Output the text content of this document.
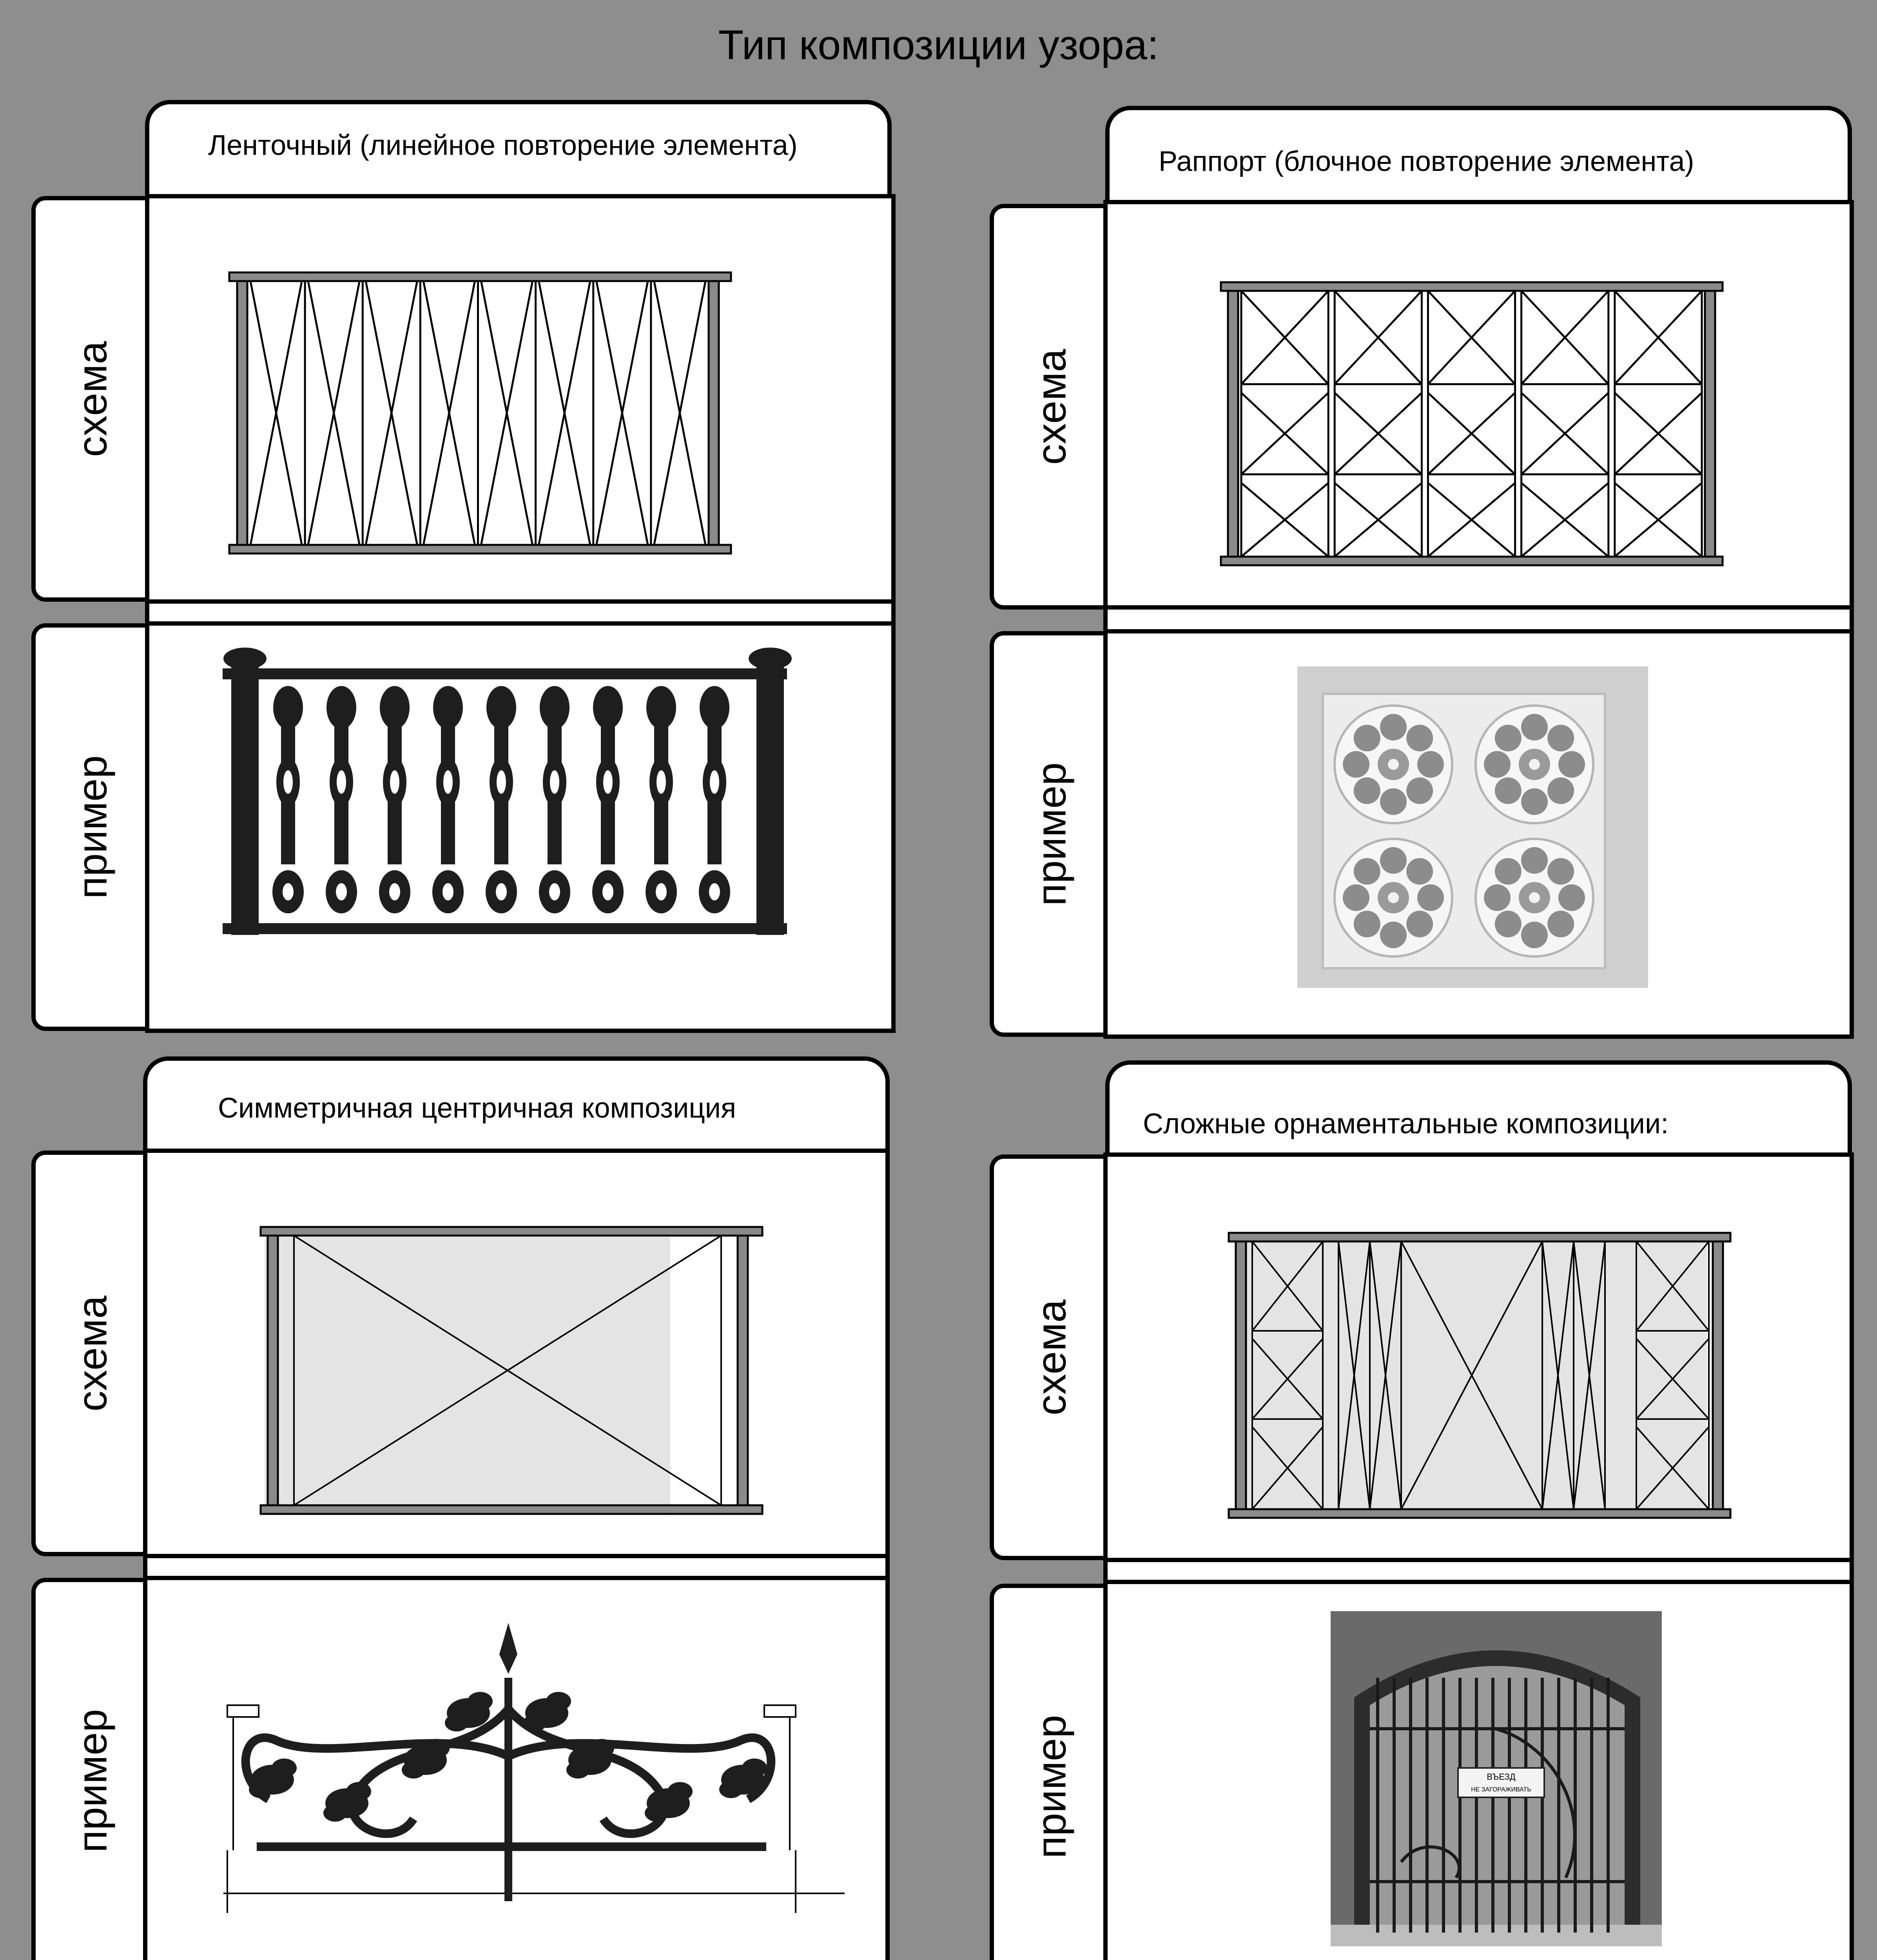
Тип композиции узора:
Ленточный (линейное повторение элемента)
схема
пример
Раппорт (блочное повторение элемента)
схема
пример
Симметричная центричная композиция
схема
пример
Сложные орнаментальные композиции:
схема
пример	ВЪЕЗД
НЕ ЗАГОРАЖИВАТЬ
